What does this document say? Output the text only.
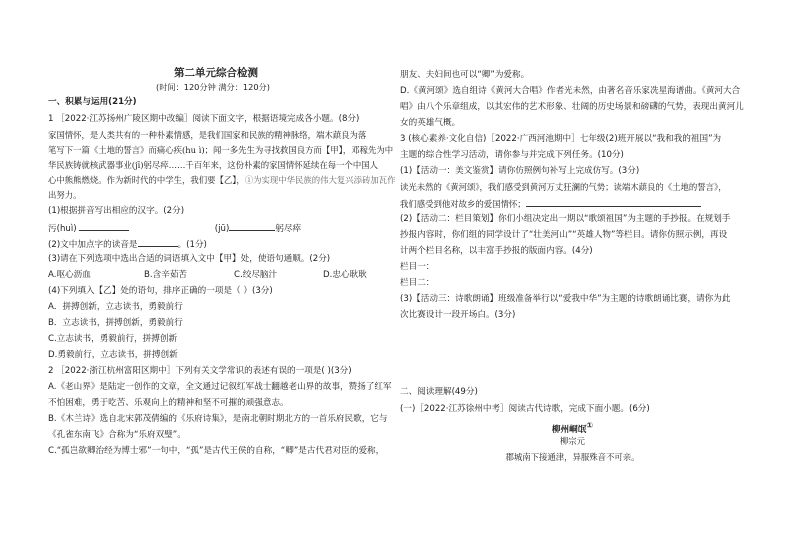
第二单元综合检测
(时间：120分钟 满分：120分)
一、积累与运用(21分)
1 ［2022·江苏扬州广陵区期中改编］阅读下面文字，根据语境完成各小题。(8分)
家国情怀，是人类共有的一种朴素情感，是我们国家和民族的精神脉络，端木蕻良为落
笔写下一篇《土地的誓言》而痛心疾(hu ì)；闻一多先生为寻找救国良方而【甲】，邓稼先为中
华民族铸就核武器事业(jī)躬尽瘁……千百年来，这份朴素的家国情怀延续在每一个中国人
心中熊熊燃烧。作为新时代的中学生，我们要【乙】，①为实现中华民族的伟大复兴添砖加瓦作
出努力。
(1)根据拼音写出相应的汉字。(2分)
污(huì)	(jū)	躬尽瘁
(2)文中加点字的读音是	。(1分)
(3)请在下列选项中选出合适的词语填入文中【甲】处，使语句通顺。(2分)
A.呕心沥血	B.含辛茹苦	C.绞尽脑汁	D.忠心耿耿
(4)下列填入【乙】处的语句，排序正确的一项是（ ）(3分)
A．拼搏创新，立志读书，勇毅前行
B．立志读书，拼搏创新，勇毅前行
C.立志读书，勇毅前行，拼搏创新
D.勇毅前行，立志读书，拼搏创新
2 ［2022·浙江杭州富阳区期中］下列有关文学常识的表述有误的一项是( )(3分)
A.《老山界》是陆定一创作的文章，全文通过记叙红军战士翻越老山界的故事，赞扬了红军
不怕困难，勇于吃苦、乐观向上的精神和坚不可摧的顽强意志。
B.《木兰诗》选自北宋郭茂倩编的《乐府诗集》，是南北朝时期北方的一首乐府民歌，它与
《孔雀东南飞》合称为“乐府双璧”。
C.“孤岂欲卿治经为博士邪”一句中，“孤”是古代王侯的自称，“卿”是古代君对臣的爱称，
朋友、夫妇间也可以“卿”为爱称。
D.《黄河颂》选自组诗《黄河大合唱》作者光未然，由著名音乐家冼星海谱曲。《黄河大合
唱》由八个乐章组成，以其宏伟的艺术形象、壮阔的历史场景和磅礴的气势，表现出黄河儿
女的英雄气概。
3 (核心素养·文化自信)［2022·广西河池期中］七年级(2)班开展以“我和我的祖国”为
主题的综合性学习活动，请你参与并完成下列任务。(10分)
(1)【活动一：美文鉴赏】请你仿照例句补写上完成仿写。(3分)
读光未然的《黄河颂》，我们感受到黄河万丈狂澜的气势；读端木蕻良的《土地的誓言》，
我们感受到他对故乡的爱国情怀；
(2)【活动二：栏目策划】你们小组决定出一期以“歌颂祖国”为主题的手抄报。在规划手
抄报内容时，你们组的同学设计了“壮美河山”“英雄人物”等栏目。请你仿照示例，再设
计两个栏目名称，以丰富手抄报的版面内容。(4分)
栏目一：
栏目二：
(3)【活动三：诗歌朗诵】班级准备举行以“爱我中华”为主题的诗歌朗诵比赛，请你为此
次比赛设计一段开场白。(3分)
二、阅读理解(49分)
(一)［2022·江苏徐州中考］阅读古代诗歌，完成下面小题。(6分)
柳州峒氓①
柳宗元
郡城南下接通津，异服殊音不可亲。
